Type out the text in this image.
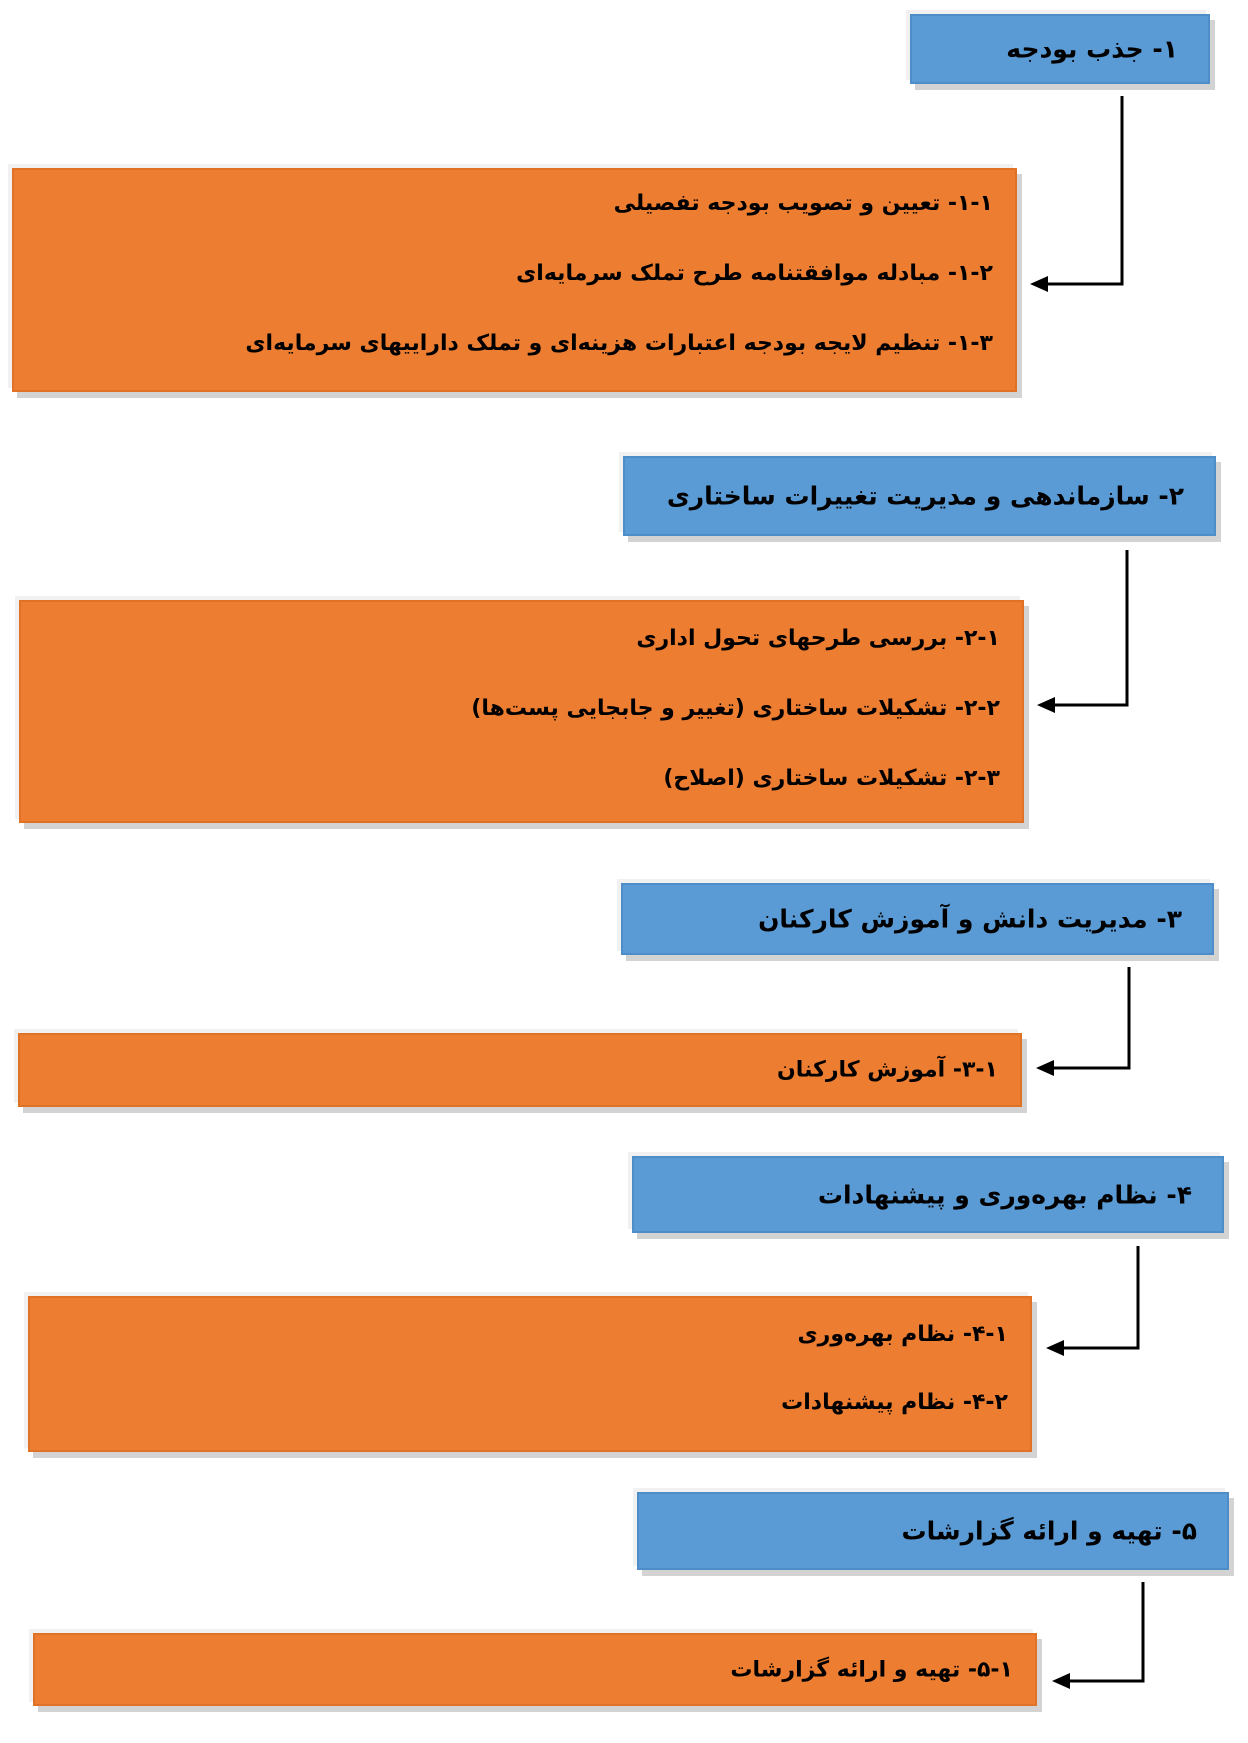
۱- جذب بودجه
۱-۱- تعیین و تصویب بودجه تفصیلی
۱-۲- مبادله موافقتنامه طرح تملک سرمایه‌ای
۱-۳- تنظیم لایجه بودجه اعتبارات هزینه‌ای و تملک داراییهای سرمایه‌ای
۲- سازماندهی و مدیریت تغییرات ساختاری
۲-۱- بررسی طرحهای تحول اداری
۲-۲- تشکیلات ساختاری (تغییر و جابجایی پست‌ها)
۲-۳- تشکیلات ساختاری (اصلاح)
۳- مدیریت دانش و آموزش کارکنان
۳-۱- آموزش کارکنان
۴- نظام بهره‌وری و پیشنهادات
۴-۱- نظام بهره‌وری
۴-۲- نظام پیشنهادات
۵- تهیه و ارائه گزارشات
۵-۱- تهیه و ارائه گزارشات
